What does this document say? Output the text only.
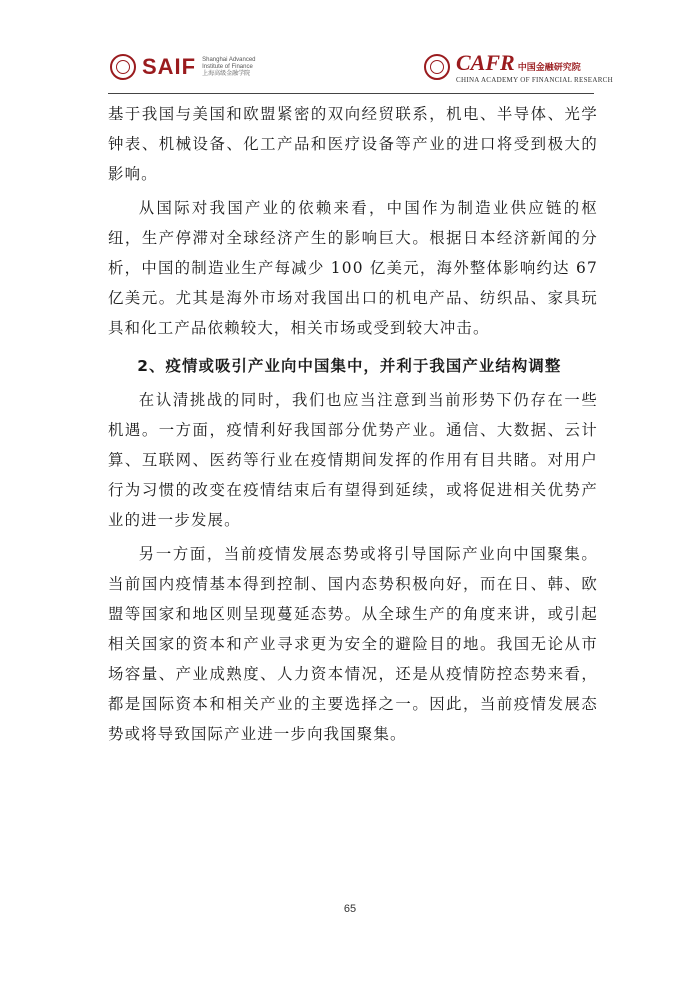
SAIF Shanghai Advanced Institute of Finance 上海高级金融学院	CAFR 中国金融研究院
CHINA ACADEMY OF FINANCIAL RESEARCH

基于我国与美国和欧盟紧密的双向经贸联系，机电、半导体、光学钟表、机械设备、化工产品和医疗设备等产业的进口将受到极大的影响。

从国际对我国产业的依赖来看，中国作为制造业供应链的枢纽，生产停滞对全球经济产生的影响巨大。根据日本经济新闻的分析，中国的制造业生产每减少 100 亿美元，海外整体影响约达 67 亿美元。尤其是海外市场对我国出口的机电产品、纺织品、家具玩具和化工产品依赖较大，相关市场或受到较大冲击。

2、疫情或吸引产业向中国集中，并利于我国产业结构调整

在认清挑战的同时，我们也应当注意到当前形势下仍存在一些机遇。一方面，疫情利好我国部分优势产业。通信、大数据、云计算、互联网、医药等行业在疫情期间发挥的作用有目共睹。对用户行为习惯的改变在疫情结束后有望得到延续，或将促进相关优势产业的进一步发展。

另一方面，当前疫情发展态势或将引导国际产业向中国聚集。当前国内疫情基本得到控制、国内态势积极向好，而在日、韩、欧盟等国家和地区则呈现蔓延态势。从全球生产的角度来讲，或引起相关国家的资本和产业寻求更为安全的避险目的地。我国无论从市场容量、产业成熟度、人力资本情况，还是从疫情防控态势来看，都是国际资本和相关产业的主要选择之一。因此，当前疫情发展态势或将导致国际产业进一步向我国聚集。

65
